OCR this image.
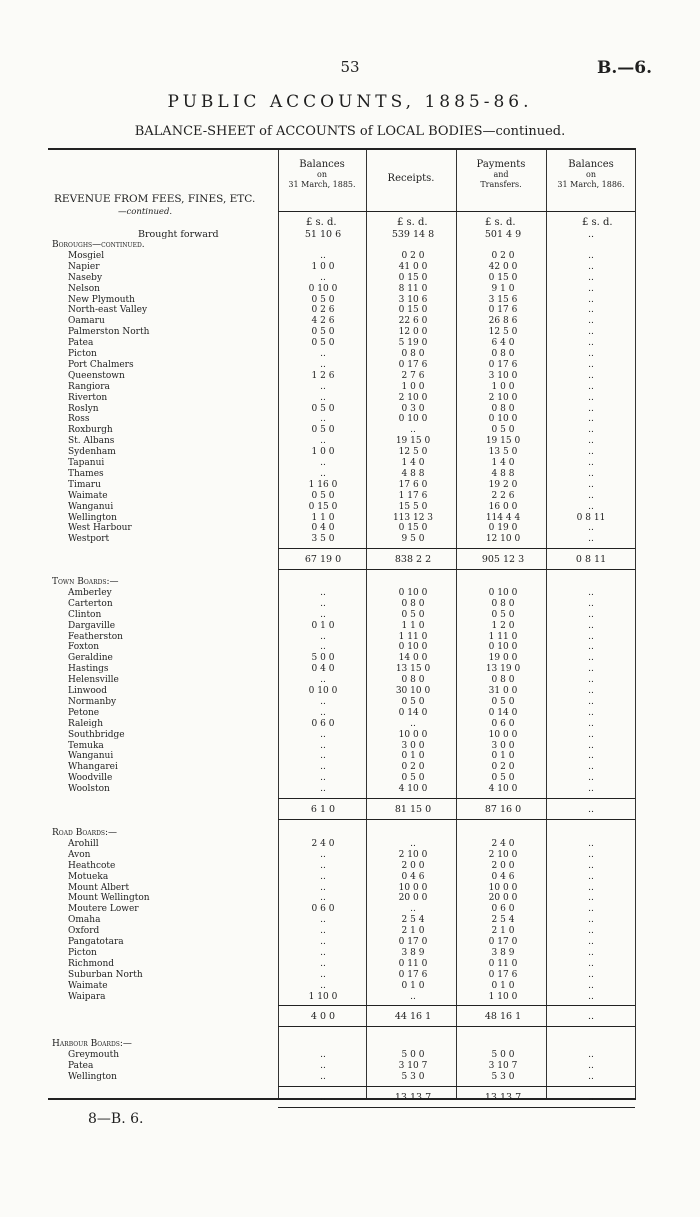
53	B.—6.
PUBLIC ACCOUNTS, 1885-86.
BALANCE-SHEET of ACCOUNTS of LOCAL BODIES—continued.
Balances
on
31 March, 1885.
Receipts.
Payments
and
Transfers.
Balances
on
31 March, 1886.
REVENUE FROM FEES, FINES, ETC.
—continued.
£ s. d.	£ s. d.	£ s. d.	£ s. d.
Brought forward	51 10 6	539 14 8	501 4 9	..
Boroughs—continued.
Mosgiel	..	0 2 0	0 2 0	..
Napier	1 0 0	41 0 0	42 0 0	..
Naseby	..	0 15 0	0 15 0	..
Nelson	0 10 0	8 11 0	9 1 0	..
New Plymouth	0 5 0	3 10 6	3 15 6	..
North-east Valley	0 2 6	0 15 0	0 17 6	..
Oamaru	4 2 6	22 6 0	26 8 6	..
Palmerston North	0 5 0	12 0 0	12 5 0	..
Patea	0 5 0	5 19 0	6 4 0	..
Picton	..	0 8 0	0 8 0	..
Port Chalmers	..	0 17 6	0 17 6	..
Queenstown	1 2 6	2 7 6	3 10 0	..
Rangiora	..	1 0 0	1 0 0	..
Riverton	..	2 10 0	2 10 0	..
Roslyn	0 5 0	0 3 0	0 8 0	..
Ross	..	0 10 0	0 10 0	..
Roxburgh	0 5 0	..	0 5 0	..
St. Albans	..	19 15 0	19 15 0	..
Sydenham	1 0 0	12 5 0	13 5 0	..
Tapanui	..	1 4 0	1 4 0	..
Thames	..	4 8 8	4 8 8	..
Timaru	1 16 0	17 6 0	19 2 0	..
Waimate	0 5 0	1 17 6	2 2 6	..
Wanganui	0 15 0	15 5 0	16 0 0	..
Wellington	1 1 0	113 12 3	114 4 4	0 8 11
West Harbour	0 4 0	0 15 0	0 19 0	..
Westport	3 5 0	9 5 0	12 10 0	..
67 19 0	838 2 2	905 12 3	0 8 11
Town Boards:—
Amberley	..	0 10 0	0 10 0	..
Carterton	..	0 8 0	0 8 0	..
Clinton	..	0 5 0	0 5 0	..
Dargaville	0 1 0	1 1 0	1 2 0	..
Featherston	..	1 11 0	1 11 0	..
Foxton	..	0 10 0	0 10 0	..
Geraldine	5 0 0	14 0 0	19 0 0	..
Hastings	0 4 0	13 15 0	13 19 0	..
Helensville	..	0 8 0	0 8 0	..
Linwood	0 10 0	30 10 0	31 0 0	..
Normanby	..	0 5 0	0 5 0	..
Petone	..	0 14 0	0 14 0	..
Raleigh	0 6 0	..	0 6 0	..
Southbridge	..	10 0 0	10 0 0	..
Temuka	..	3 0 0	3 0 0	..
Wanganui	..	0 1 0	0 1 0	..
Whangarei	..	0 2 0	0 2 0	..
Woodville	..	0 5 0	0 5 0	..
Woolston	..	4 10 0	4 10 0	..
6 1 0	81 15 0	87 16 0	..
Road Boards:—
Arohill	2 4 0	..	2 4 0	..
Avon	..	2 10 0	2 10 0	..
Heathcote	..	2 0 0	2 0 0	..
Motueka	..	0 4 6	0 4 6	..
Mount Albert	..	10 0 0	10 0 0	..
Mount Wellington	..	20 0 0	20 0 0	..
Moutere Lower	0 6 0	..	0 6 0	..
Omaha	..	2 5 4	2 5 4	..
Oxford	..	2 1 0	2 1 0	..
Pangatotara	..	0 17 0	0 17 0	..
Picton	..	3 8 9	3 8 9	..
Richmond	..	0 11 0	0 11 0	..
Suburban North	..	0 17 6	0 17 6	..
Waimate	..	0 1 0	0 1 0	..
Waipara	1 10 0	..	1 10 0	..
4 0 0	44 16 1	48 16 1	..
Harbour Boards:—
Greymouth	..	5 0 0	5 0 0	..
Patea	..	3 10 7	3 10 7	..
Wellington	..	5 3 0	5 3 0	..
..	13 13 7	13 13 7	..
8—B. 6.
